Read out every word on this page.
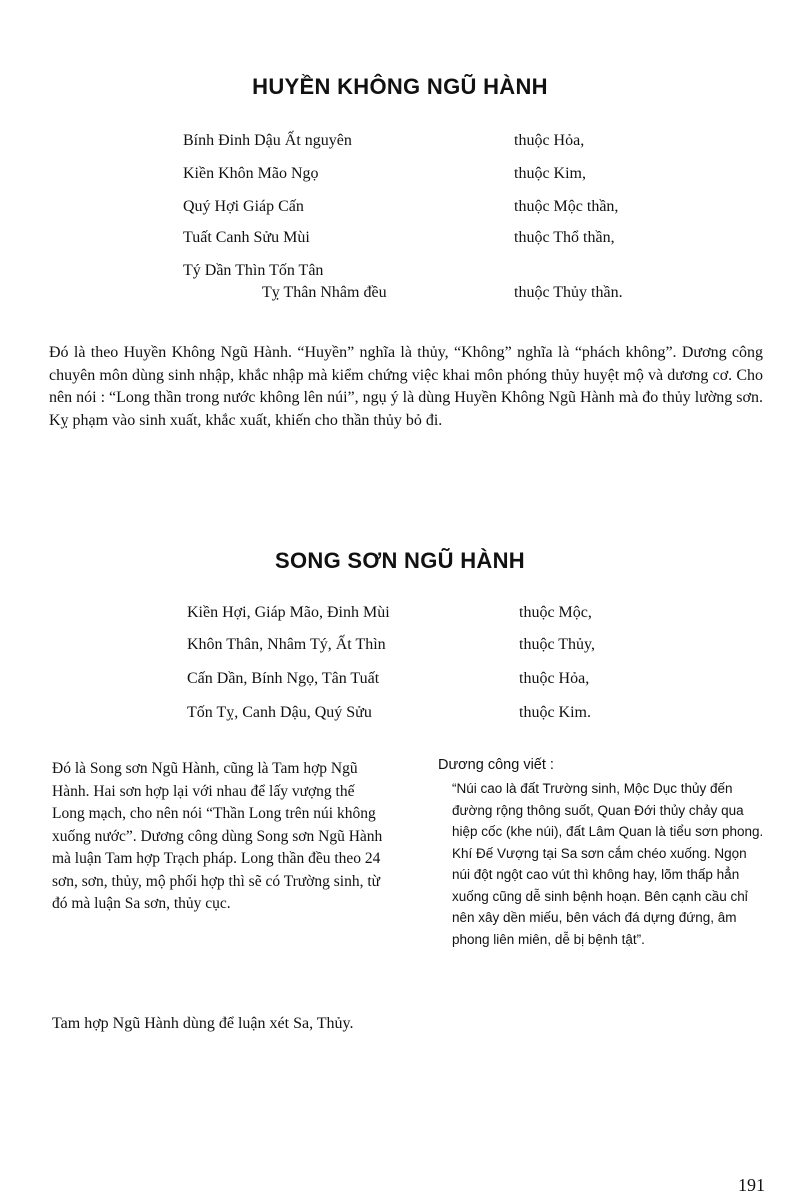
HUYỀN KHÔNG NGŨ HÀNH
Bính Đinh Dậu Ất nguyên	thuộc Hỏa,
Kiền Khôn Mão Ngọ	thuộc Kim,
Quý Hợi Giáp Cấn	thuộc Mộc thần,
Tuất Canh Sửu Mùi	thuộc Thổ thần,
Tý Dần Thìn Tốn Tân
Tỵ Thân Nhâm đều	thuộc Thủy thần.

Đó là theo Huyền Không Ngũ Hành. “Huyền” nghĩa là thủy, “Không” nghĩa là “phách không”. Dương công chuyên môn dùng sinh nhập, khắc nhập mà kiểm chứng việc khai môn phóng thủy huyệt mộ và dương cơ. Cho nên nói : “Long thần trong nước không lên núi”, ngụ ý là dùng Huyền Không Ngũ Hành mà đo thủy lường sơn. Kỵ phạm vào sinh xuất, khắc xuất, khiến cho thần thủy bỏ đi.

SONG SƠN NGŨ HÀNH
Kiền Hợi, Giáp Mão, Đinh Mùi	thuộc Mộc,
Khôn Thân, Nhâm Tý, Ất Thìn	thuộc Thủy,
Cấn Dần, Bính Ngọ, Tân Tuất	thuộc Hỏa,
Tốn Tỵ, Canh Dậu, Quý Sửu	thuộc Kim.

Đó là Song sơn Ngũ Hành, cũng là Tam hợp Ngũ Hành. Hai sơn hợp lại với nhau để lấy vượng thế Long mạch, cho nên nói “Thần Long trên núi không xuống nước”. Dương công dùng Song sơn Ngũ Hành mà luận Tam hợp Trạch pháp. Long thần đều theo 24 sơn, sơn, thủy, mộ phối hợp thì sẽ có Trường sinh, từ đó mà luận Sa sơn, thủy cục.

Dương công viết :

“Núi cao là đất Trường sinh, Mộc Dục thủy đến đường rộng thông suốt, Quan Đới thủy chảy qua hiệp cốc (khe núi), đất Lâm Quan là tiểu sơn phong. Khí Đế Vượng tại Sa sơn cắm chéo xuống. Ngọn núi đột ngột cao vút thì không hay, lõm thấp hẳn xuống cũng dễ sinh bệnh hoạn. Bên cạnh cầu chỉ nên xây dền miếu, bên vách đá dựng đứng, âm phong liên miên, dễ bị bệnh tật”.

Tam hợp Ngũ Hành dùng để luận xét Sa, Thủy.

191
